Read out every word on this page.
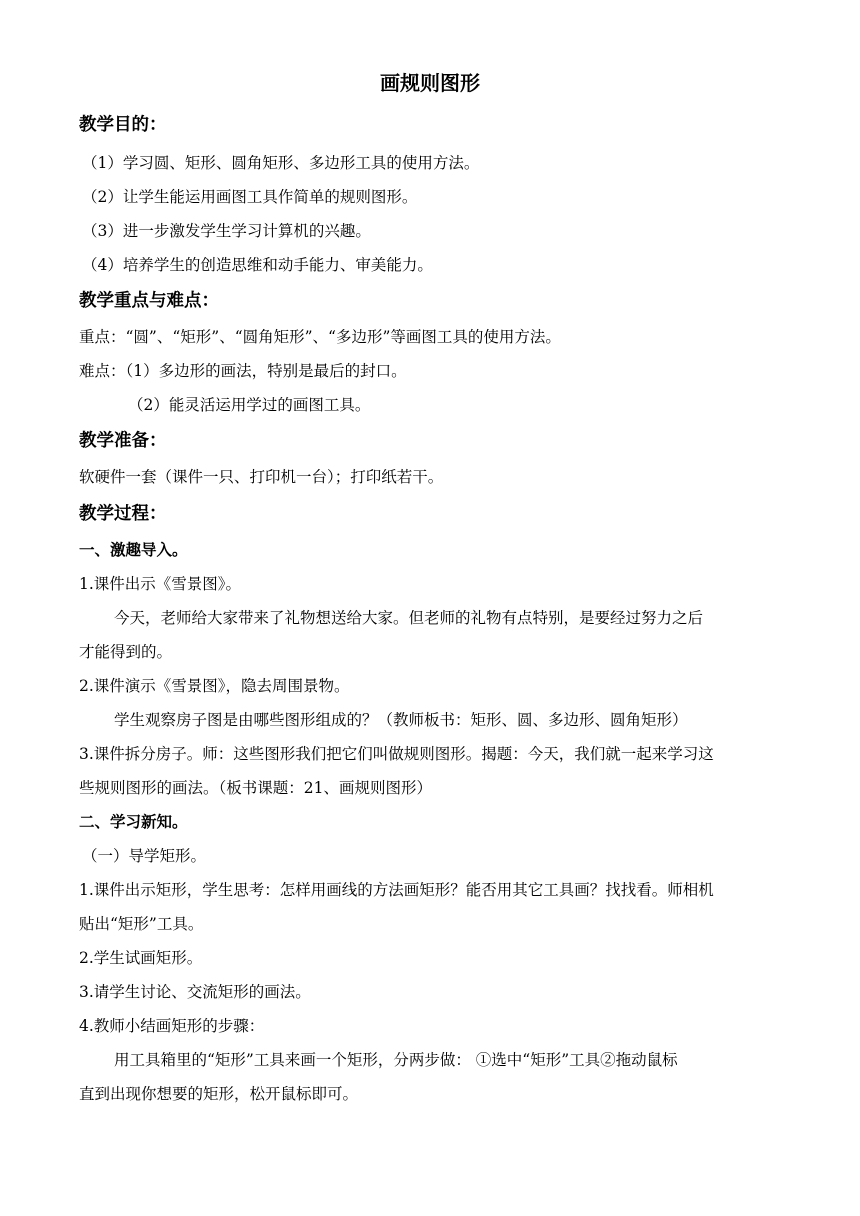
画规则图形
教学目的：
（1）学习圆、矩形、圆角矩形、多边形工具的使用方法。
（2）让学生能运用画图工具作简单的规则图形。
（3）进一步激发学生学习计算机的兴趣。
（4）培养学生的创造思维和动手能力、审美能力。
教学重点与难点：
重点：“圆”、“矩形”、“圆角矩形”、“多边形”等画图工具的使用方法。
难点：（1）多边形的画法，特别是最后的封口。
（2）能灵活运用学过的画图工具。
教学准备：
软硬件一套（课件一只、打印机一台）；打印纸若干。
教学过程：
一、激趣导入。
1.课件出示《雪景图》。
今天，老师给大家带来了礼物想送给大家。但老师的礼物有点特别，是要经过努力之后
才能得到的。
2.课件演示《雪景图》，隐去周围景物。
学生观察房子图是由哪些图形组成的？（教师板书：矩形、圆、多边形、圆角矩形）
3.课件拆分房子。师：这些图形我们把它们叫做规则图形。揭题：今天，我们就一起来学习这
些规则图形的画法。（板书课题：21、画规则图形）
二、学习新知。
（一）导学矩形。
1.课件出示矩形，学生思考：怎样用画线的方法画矩形？能否用其它工具画？找找看。师相机
贴出“矩形”工具。
2.学生试画矩形。
3.请学生讨论、交流矩形的画法。
4.教师小结画矩形的步骤：
用工具箱里的“矩形”工具来画一个矩形，分两步做： ①选中“矩形”工具②拖动鼠标
直到出现你想要的矩形，松开鼠标即可。
